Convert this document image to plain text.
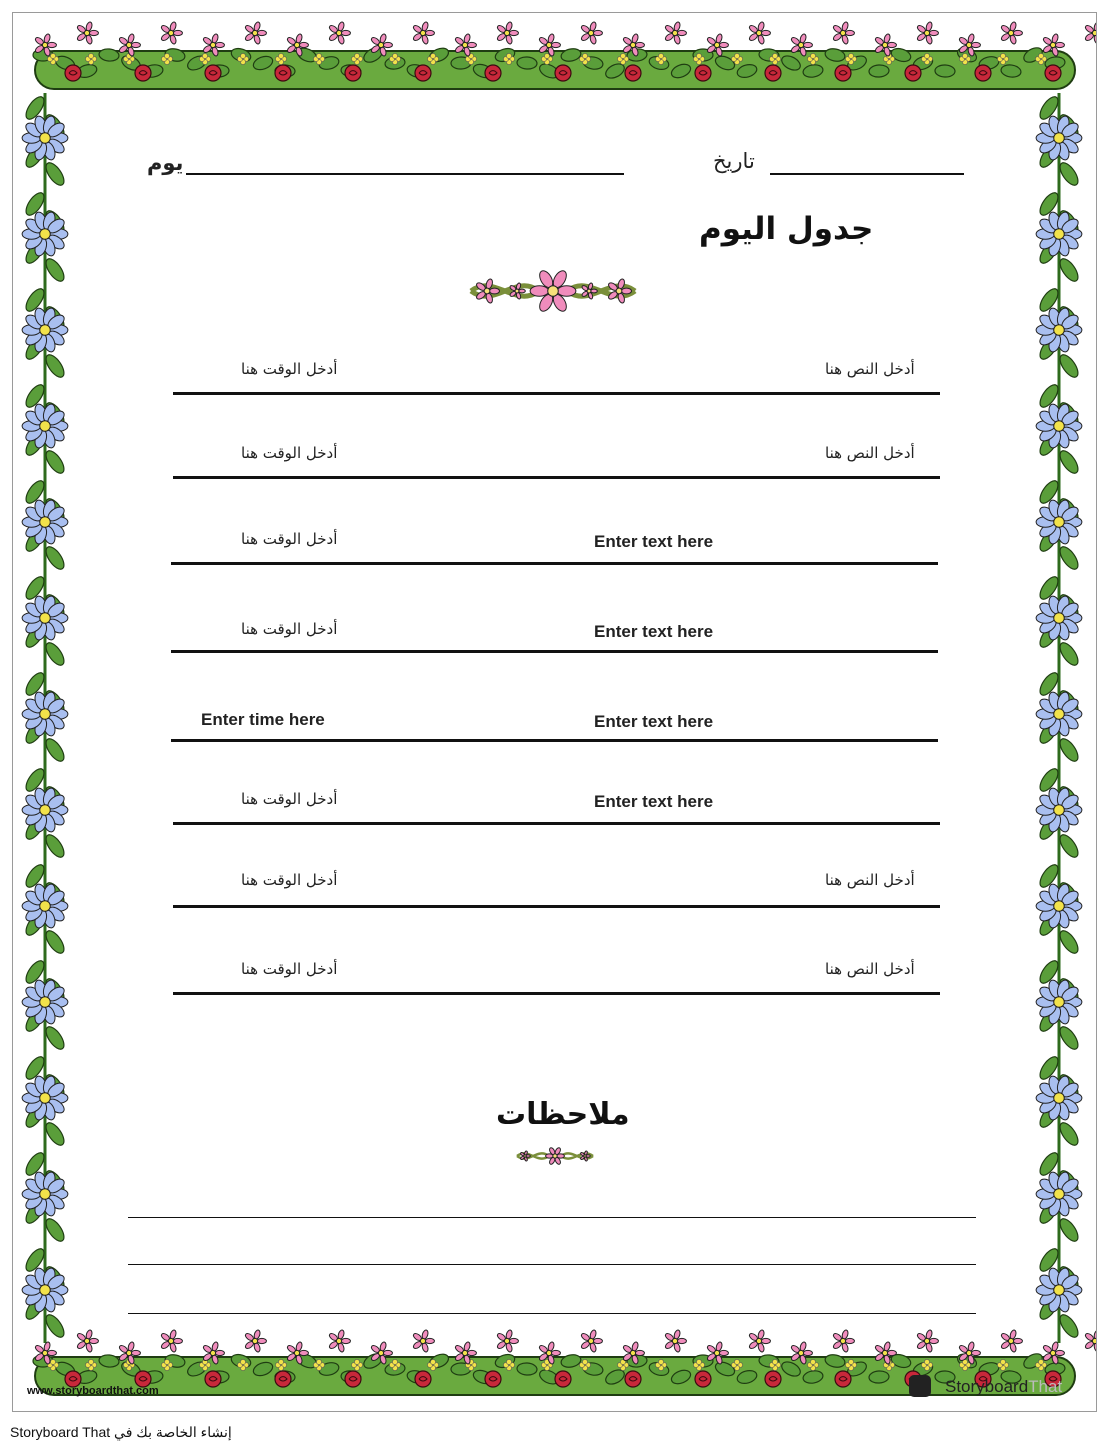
تاريخ
يوم
جدول اليوم
أدخل الوقت هنا	أدخل النص هنا
أدخل الوقت هنا	أدخل النص هنا
أدخل الوقت هنا	Enter text here
أدخل الوقت هنا	Enter text here
Enter time here	Enter text here
أدخل الوقت هنا	Enter text here
أدخل الوقت هنا	أدخل النص هنا
أدخل الوقت هنا	أدخل النص هنا
ملاحظات
www.storyboardthat.com	StoryboardThat
Storyboard That إنشاء الخاصة بك في
